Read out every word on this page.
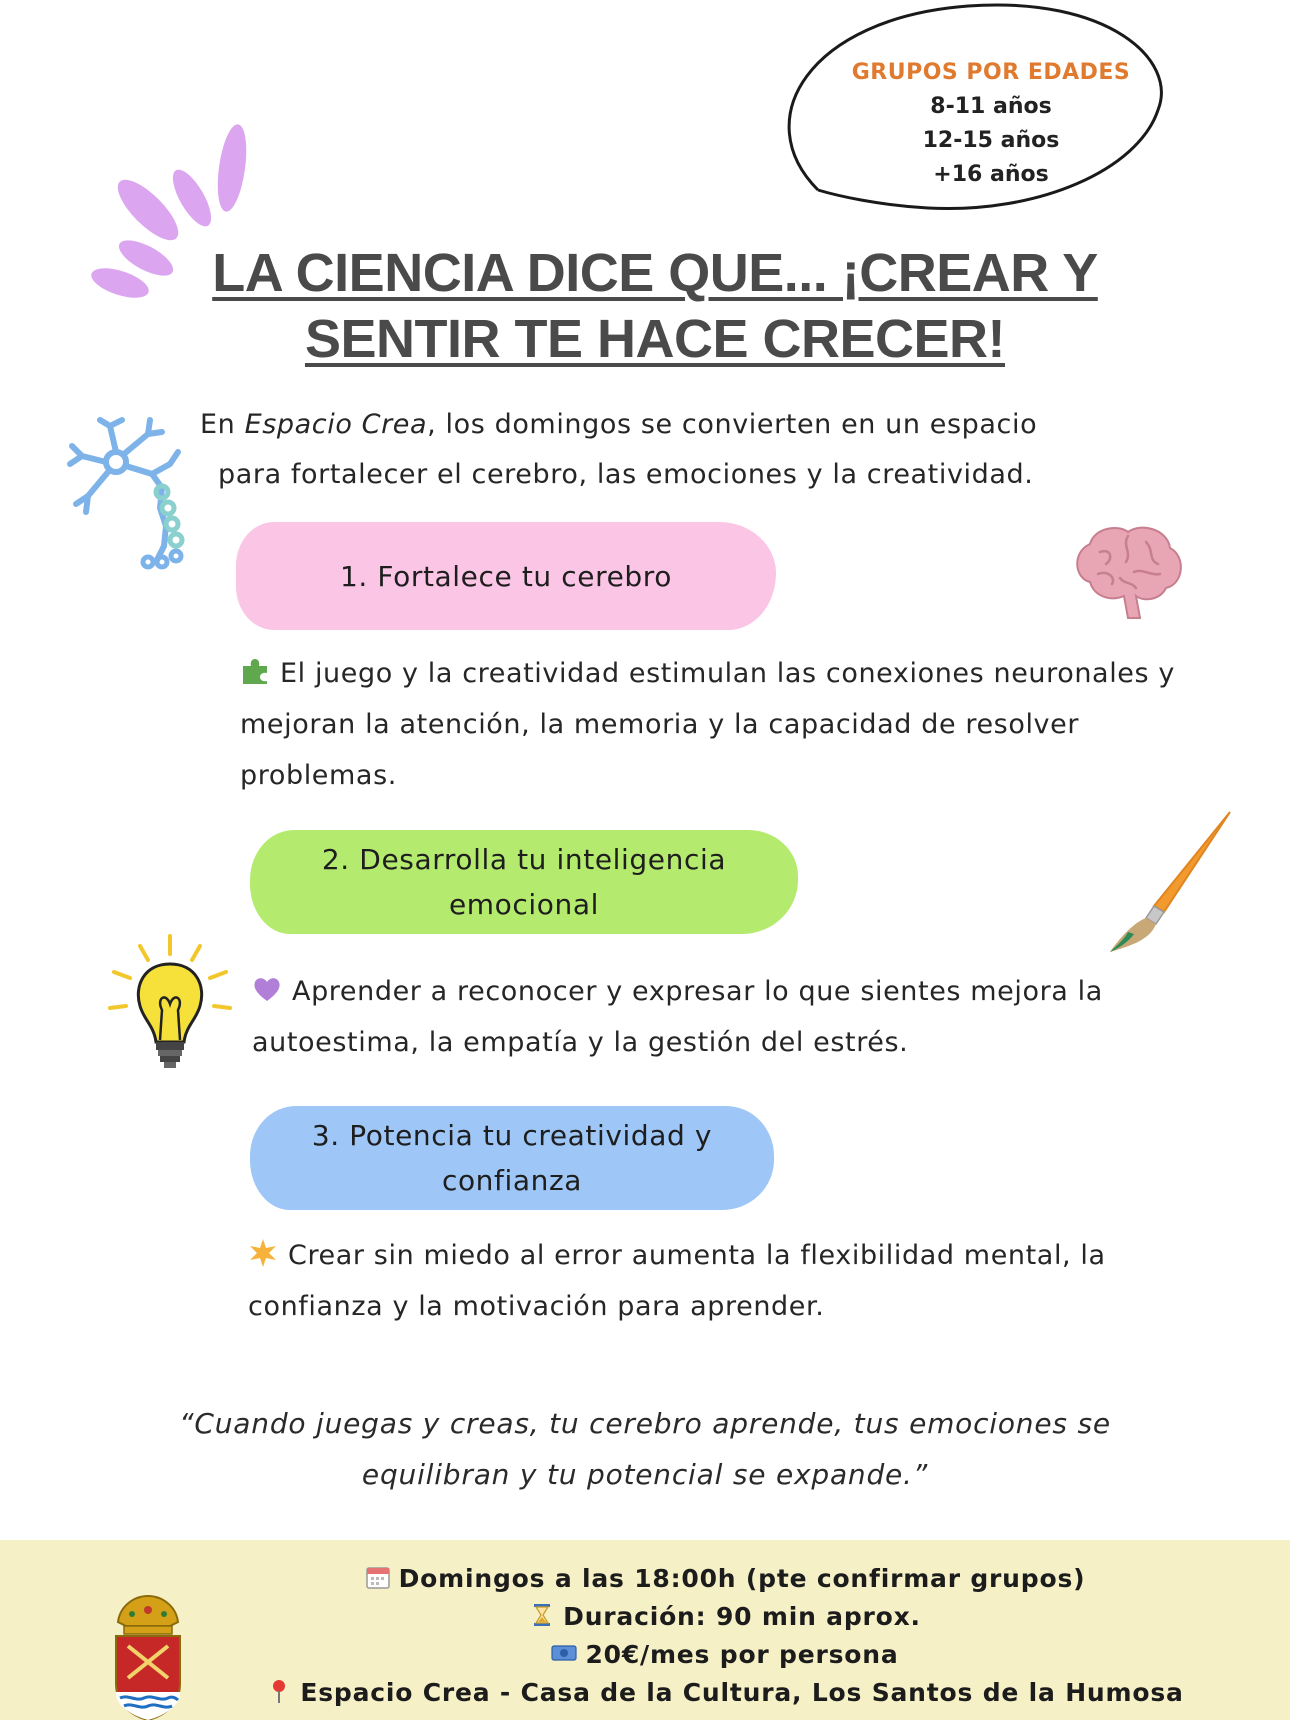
GRUPOS POR EDADES
8-11 años
12-15 años
+16 años
LA CIENCIA DICE QUE... ¡CREAR Y
SENTIR TE HACE CRECER!
En Espacio Crea, los domingos se convierten en un espacio
para fortalecer el cerebro, las emociones y la creatividad.
1. Fortalece tu cerebro
El juego y la creatividad estimulan las conexiones neuronales y mejoran la atención, la memoria y la capacidad de resolver problemas.
2. Desarrolla tu inteligencia emocional
Aprender a reconocer y expresar lo que sientes mejora la autoestima, la empatía y la gestión del estrés.
3. Potencia tu creatividad y confianza
Crear sin miedo al error aumenta la flexibilidad mental, la confianza y la motivación para aprender.
“Cuando juegas y creas, tu cerebro aprende, tus emociones se equilibran y tu potencial se expande.”
Domingos a las 18:00h (pte confirmar grupos)
Duración: 90 min aprox.
20€/mes por persona
Espacio Crea - Casa de la Cultura, Los Santos de la Humosa
